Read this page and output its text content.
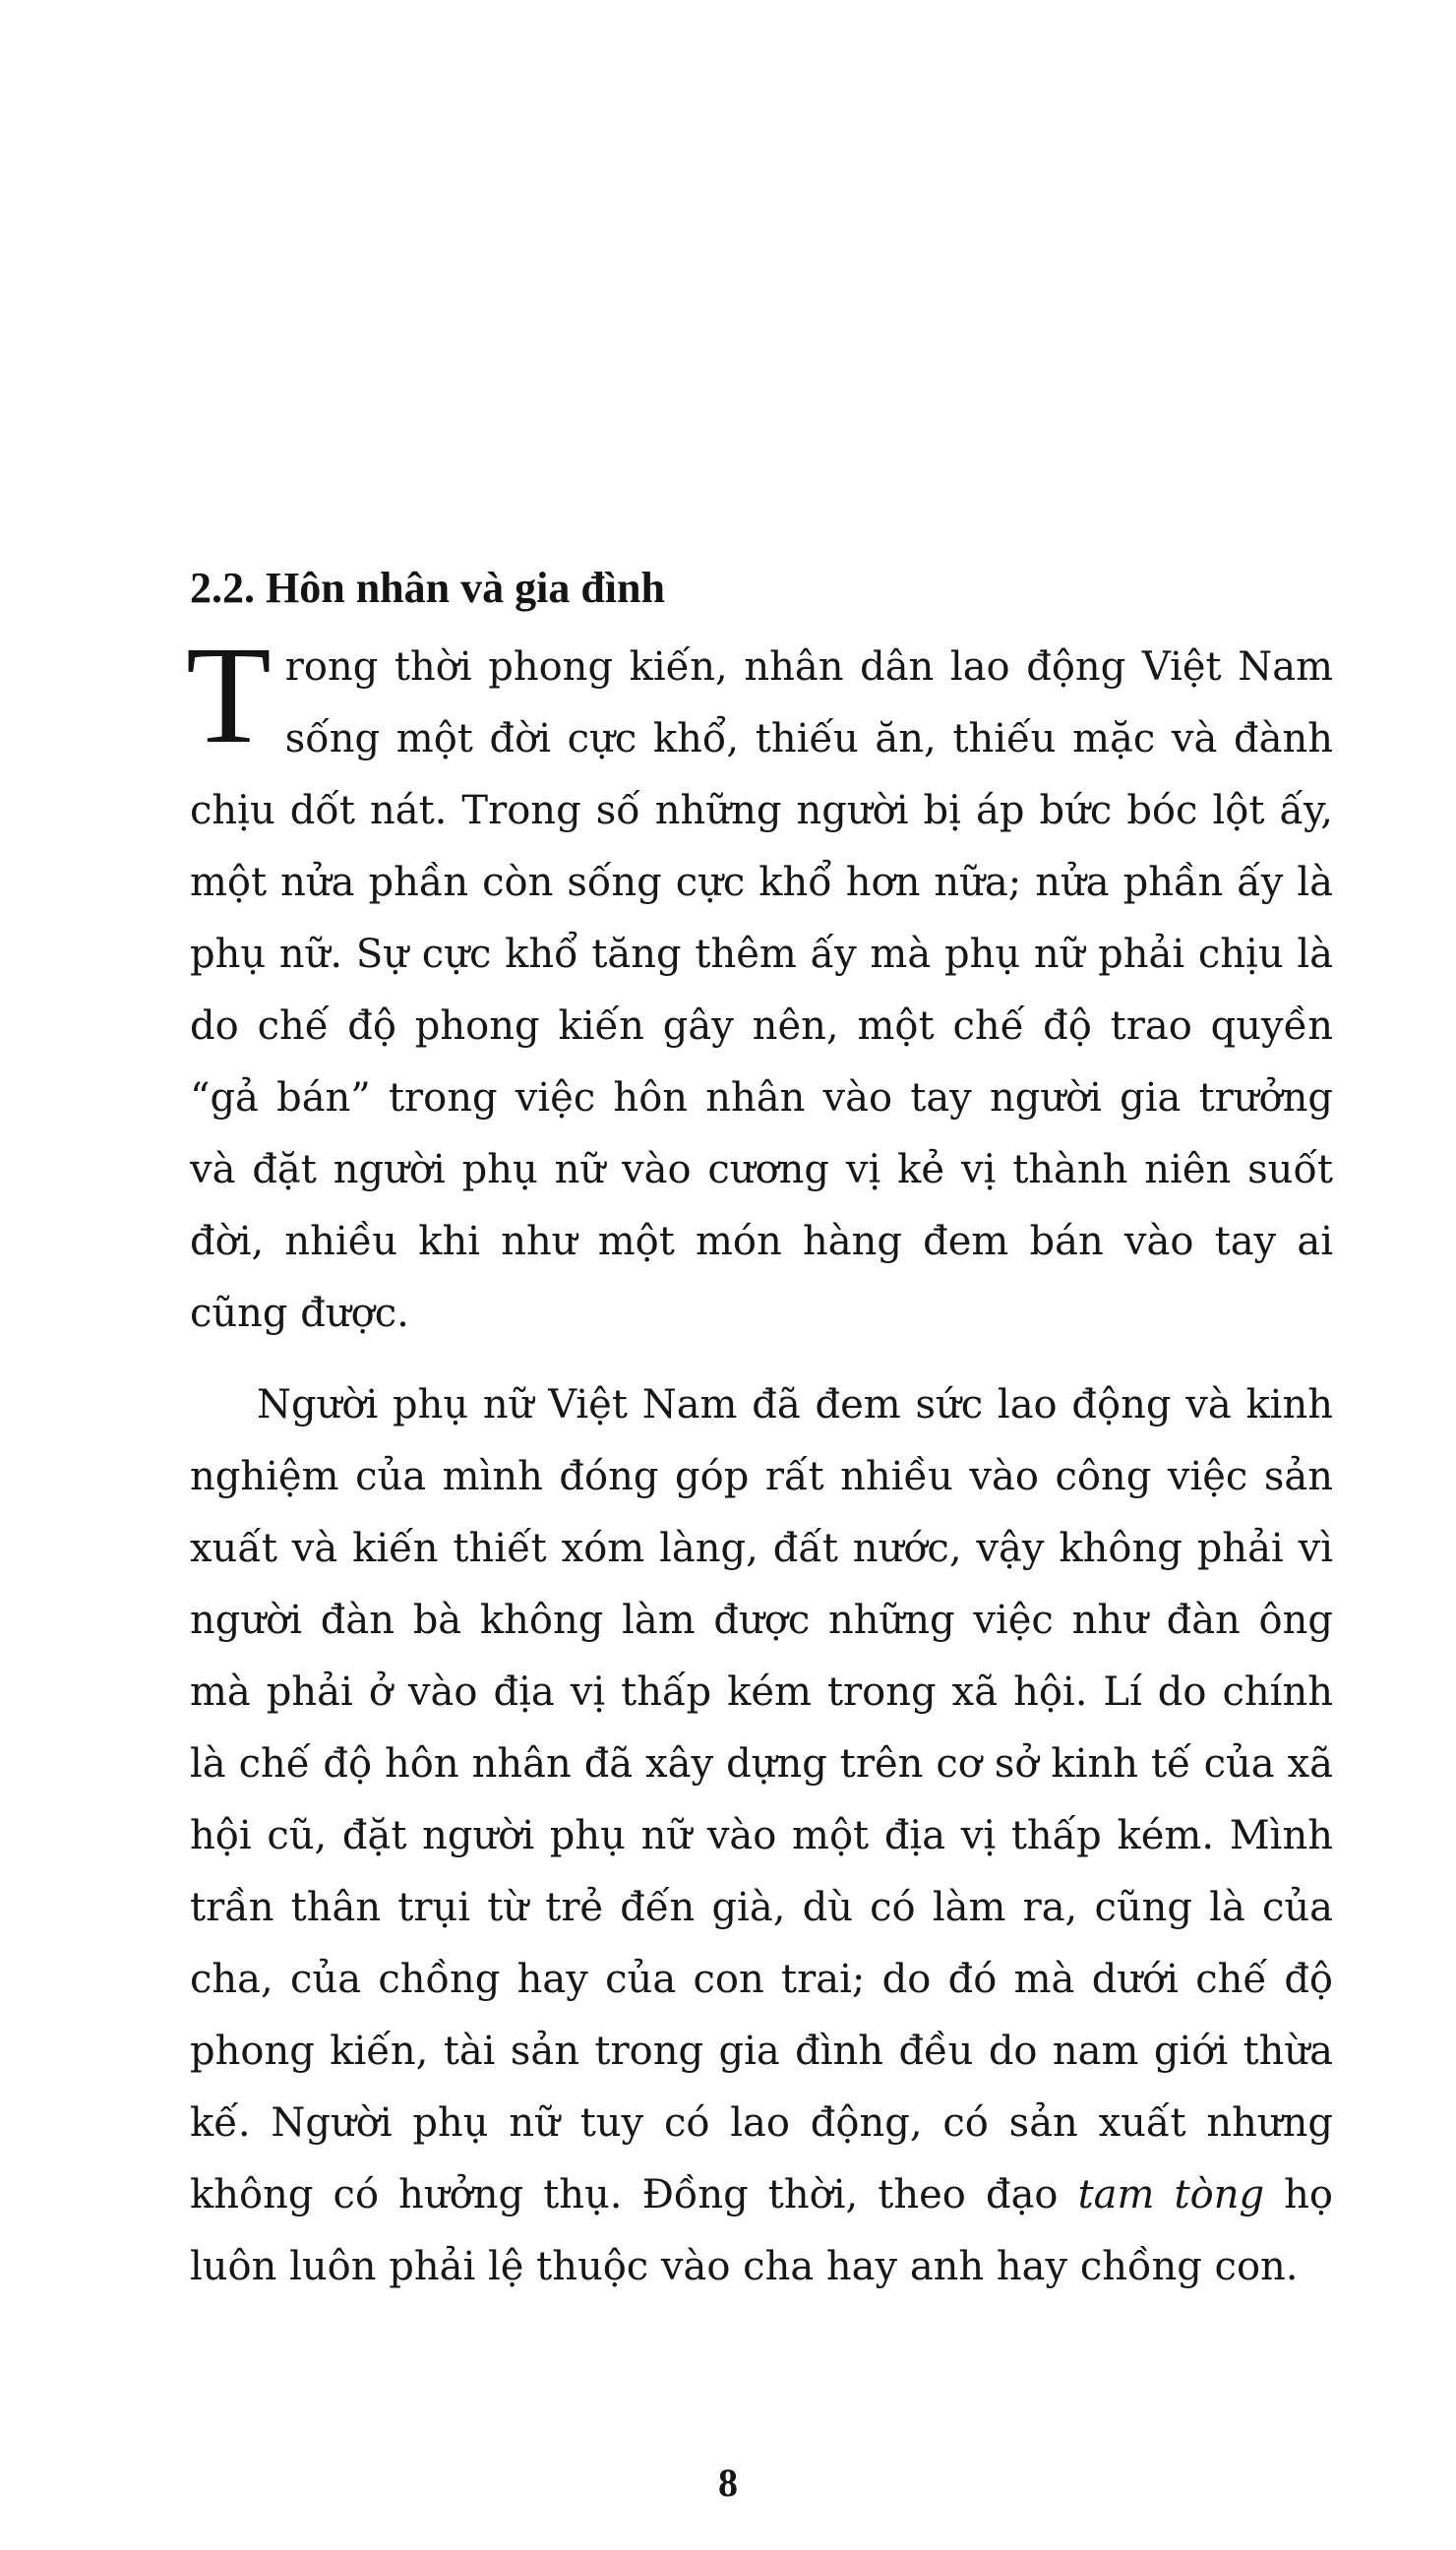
2.2. Hôn nhân và gia đình

Trong thời phong kiến, nhân dân lao động Việt Nam sống một đời cực khổ, thiếu ăn, thiếu mặc và đành chịu dốt nát. Trong số những người bị áp bức bóc lột ấy, một nửa phần còn sống cực khổ hơn nữa; nửa phần ấy là phụ nữ. Sự cực khổ tăng thêm ấy mà phụ nữ phải chịu là do chế độ phong kiến gây nên, một chế độ trao quyền “gả bán” trong việc hôn nhân vào tay người gia trưởng và đặt người phụ nữ vào cương vị kẻ vị thành niên suốt đời, nhiều khi như một món hàng đem bán vào tay ai cũng được.

Người phụ nữ Việt Nam đã đem sức lao động và kinh nghiệm của mình đóng góp rất nhiều vào công việc sản xuất và kiến thiết xóm làng, đất nước, vậy không phải vì người đàn bà không làm được những việc như đàn ông mà phải ở vào địa vị thấp kém trong xã hội. Lí do chính là chế độ hôn nhân đã xây dựng trên cơ sở kinh tế của xã hội cũ, đặt người phụ nữ vào một địa vị thấp kém. Mình trần thân trụi từ trẻ đến già, dù có làm ra, cũng là của cha, của chồng hay của con trai; do đó mà dưới chế độ phong kiến, tài sản trong gia đình đều do nam giới thừa kế. Người phụ nữ tuy có lao động, có sản xuất nhưng không có hưởng thụ. Đồng thời, theo đạo tam tòng họ luôn luôn phải lệ thuộc vào cha hay anh hay chồng con.

8
